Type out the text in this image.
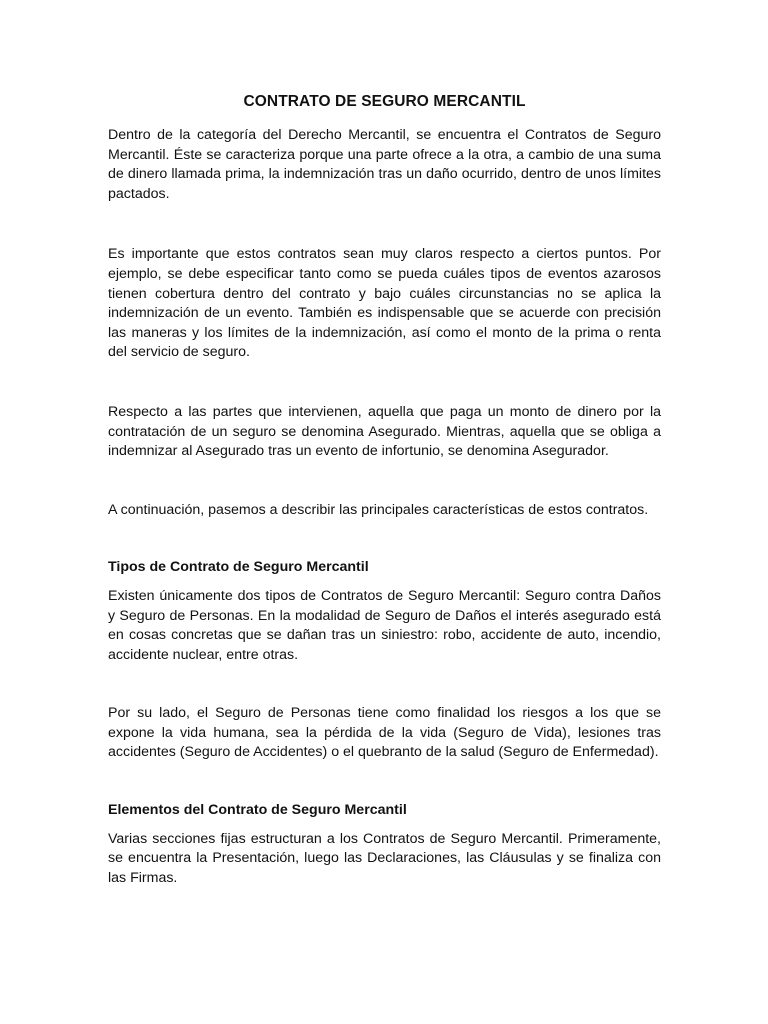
CONTRATO DE SEGURO MERCANTIL

Dentro de la categoría del Derecho Mercantil, se encuentra el Contratos de Seguro Mercantil. Éste se caracteriza porque una parte ofrece a la otra, a cambio de una suma de dinero llamada prima, la indemnización tras un daño ocurrido, dentro de unos límites pactados.

Es importante que estos contratos sean muy claros respecto a ciertos puntos. Por ejemplo, se debe especificar tanto como se pueda cuáles tipos de eventos azarosos tienen cobertura dentro del contrato y bajo cuáles circunstancias no se aplica la indemnización de un evento. También es indispensable que se acuerde con precisión las maneras y los límites de la indemnización, así como el monto de la prima o renta del servicio de seguro.

Respecto a las partes que intervienen, aquella que paga un monto de dinero por la contratación de un seguro se denomina Asegurado. Mientras, aquella que se obliga a indemnizar al Asegurado tras un evento de infortunio, se denomina Asegurador.

A continuación, pasemos a describir las principales características de estos contratos.

Tipos de Contrato de Seguro Mercantil

Existen únicamente dos tipos de Contratos de Seguro Mercantil: Seguro contra Daños y Seguro de Personas. En la modalidad de Seguro de Daños el interés asegurado está en cosas concretas que se dañan tras un siniestro: robo, accidente de auto, incendio, accidente nuclear, entre otras.

Por su lado, el Seguro de Personas tiene como finalidad los riesgos a los que se expone la vida humana, sea la pérdida de la vida (Seguro de Vida), lesiones tras accidentes (Seguro de Accidentes) o el quebranto de la salud (Seguro de Enfermedad).

Elementos del Contrato de Seguro Mercantil

Varias secciones fijas estructuran a los Contratos de Seguro Mercantil. Primeramente, se encuentra la Presentación, luego las Declaraciones, las Cláusulas y se finaliza con las Firmas.
